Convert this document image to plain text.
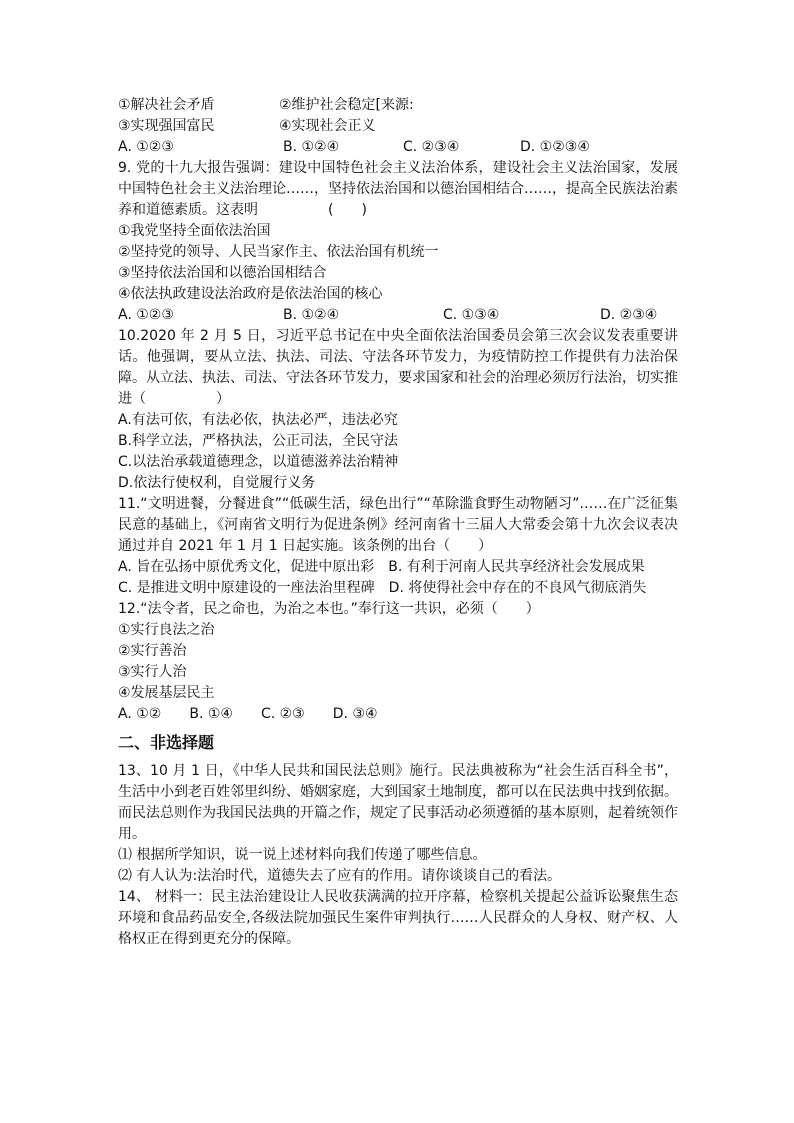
①解决社会矛盾	②维护社会稳定[来源:
③实现强国富民	④实现社会正义
A. ①②③	B. ①②④	C. ②③④	D. ①②③④
9. 党的十九大报告强调：建设中国特色社会主义法治体系，建设社会主义法治国家，发展中国特色社会主义法治理论……，坚持依法治国和以德治国相结合……，提高全民族法治素养和道德素质。这表明　　　　　(　　)
①我党坚持全面依法治国
②坚持党的领导、人民当家作主、依法治国有机统一
③坚持依法治国和以德治国相结合
④依法执政建设法治政府是依法治国的核心
A. ①②③	B. ①②④	C. ①③④	D. ②③④
10.2020 年 2 月 5 日，习近平总书记在中央全面依法治国委员会第三次会议发表重要讲话。他强调，要从立法、执法、司法、守法各环节发力，为疫情防控工作提供有力法治保障。从立法、执法、司法、守法各环节发力，要求国家和社会的治理必须厉行法治，切实推进（　　　　　）
A.有法可依，有法必依，执法必严，违法必究
B.科学立法，严格执法，公正司法，全民守法
C.以法治承载道德理念，以道德滋养法治精神
D.依法行使权利，自觉履行义务
11.“文明进餐，分餐进食”“低碳生活，绿色出行”“革除滥食野生动物陋习”……在广泛征集民意的基础上，《河南省文明行为促进条例》经河南省十三届人大常委会第十九次会议表决通过并自 2021 年 1 月 1 日起实施。该条例的出台（　　）
A. 旨在弘扬中原优秀文化，促进中原出彩　B. 有利于河南人民共享经济社会发展成果
C. 是推进文明中原建设的一座法治里程碑　D. 将使得社会中存在的不良风气彻底消失
12.“法令者，民之命也，为治之本也。”奉行这一共识，必须（　　）
①实行良法之治
②实行善治
③实行人治
④发展基层民主
A. ①② B. ①④ C. ②③ D. ③④
二、非选择题
13、10 月 1 日，《中华人民共和国民法总则》施行。民法典被称为“社会生活百科全书”，生活中小到老百姓邻里纠纷、婚姻家庭，大到国家土地制度，都可以在民法典中找到依据。而民法总则作为我国民法典的开篇之作，规定了民事活动必须遵循的基本原则，起着统领作用。
⑴ 根据所学知识，说一说上述材料向我们传递了哪些信息。
⑵ 有人认为:法治时代，道德失去了应有的作用。请你谈谈自己的看法。
14、 材料一：民主法治建设让人民收获满满的拉开序幕，检察机关提起公益诉讼聚焦生态环境和食品药品安全,各级法院加强民生案件审判执行……人民群众的人身权、财产权、人格权正在得到更充分的保障。
